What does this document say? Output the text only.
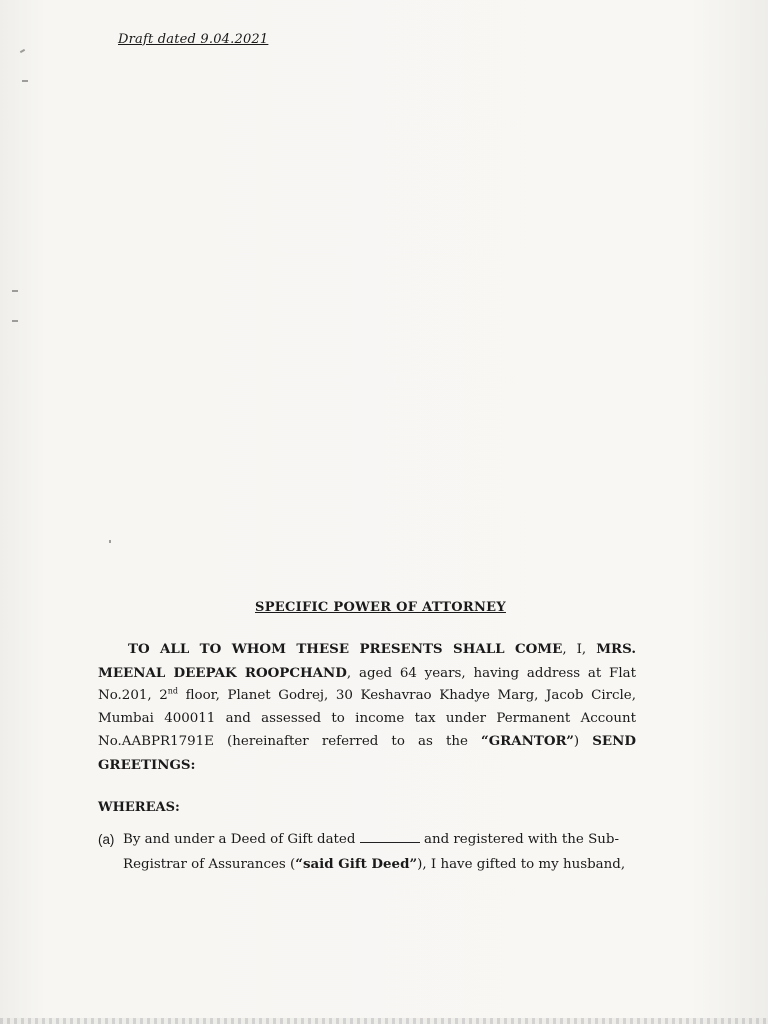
Draft dated 9.04.2021
SPECIFIC POWER OF ATTORNEY
TO ALL TO WHOM THESE PRESENTS SHALL COME, I, MRS. MEENAL DEEPAK ROOPCHAND, aged 64 years, having address at Flat No.201, 2nd floor, Planet Godrej, 30 Keshavrao Khadye Marg, Jacob Circle, Mumbai 400011 and assessed to income tax under Permanent Account No.AABPR1791E (hereinafter referred to as the “GRANTOR”) SEND GREETINGS:
WHEREAS:
(a) By and under a Deed of Gift dated	and registered with the Sub-Registrar of Assurances (“said Gift Deed”), I have gifted to my husband,
